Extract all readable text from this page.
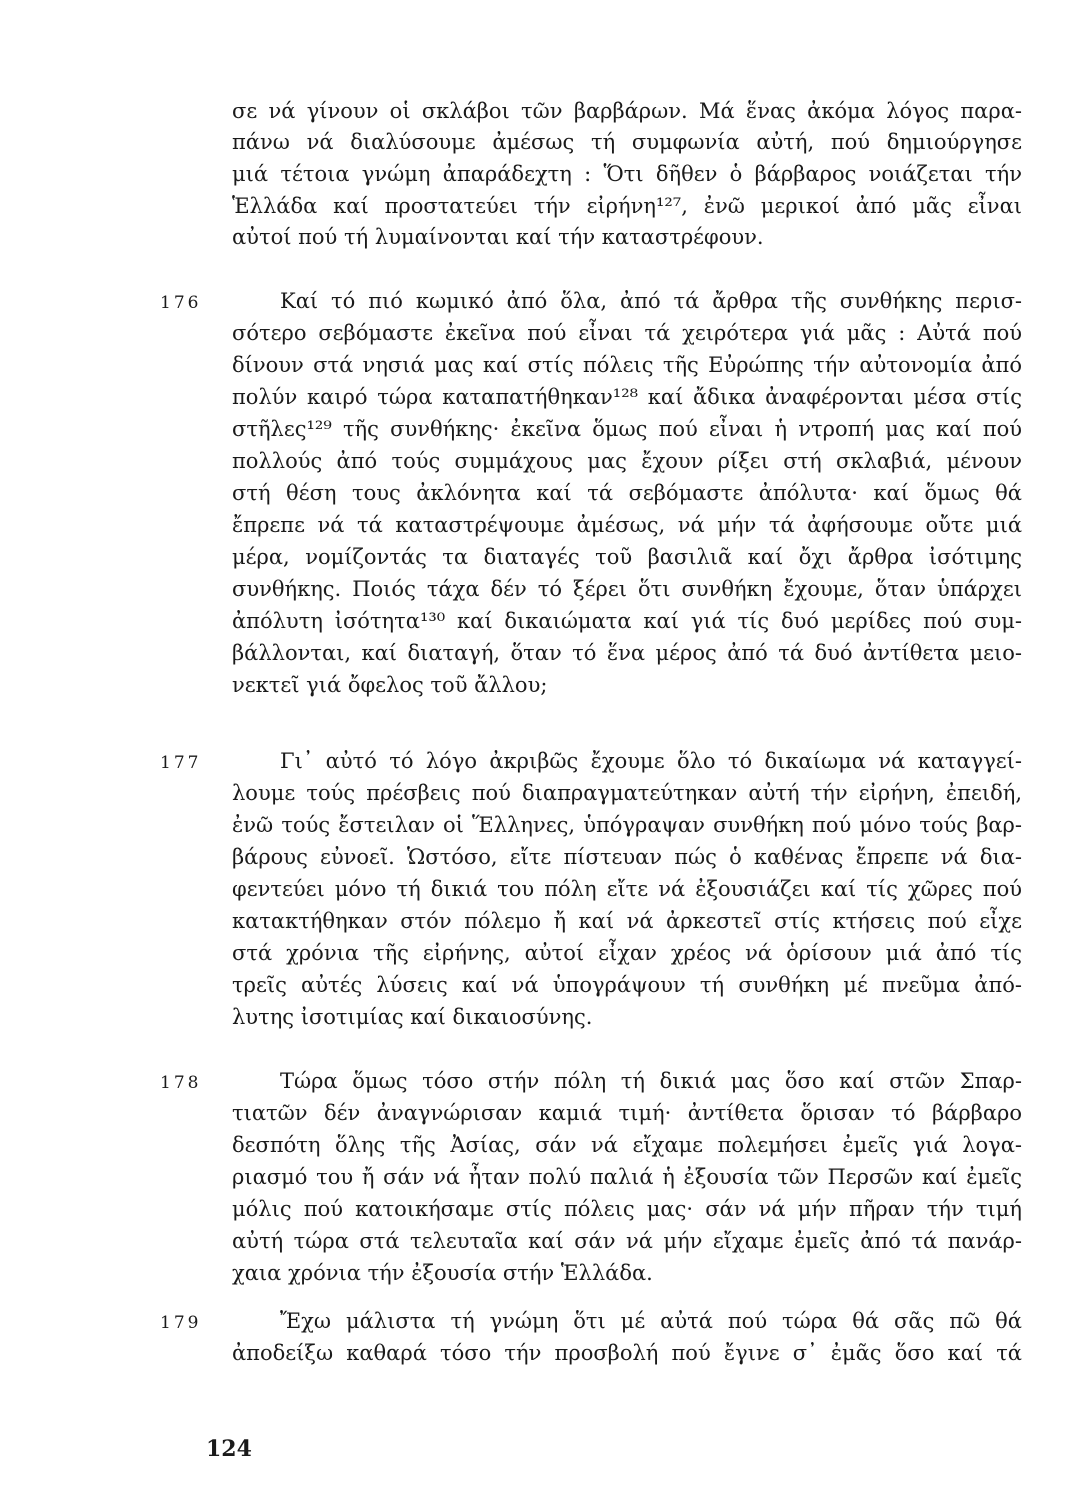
176
177
178
179
σε νά γίνουν οἱ σκλάβοι τῶν βαρβάρων. Μά ἕνας ἀκόμα λόγος παρα-
πάνω νά διαλύσουμε ἀμέσως τή συμφωνία αὐτή, πού δημιούργησε
μιά τέτοια γνώμη ἀπαράδεχτη : Ὅτι δῆθεν ὁ βάρβαρος νοιάζεται τήν
Ἑλλάδα καί προστατεύει τήν εἰρήνη¹²⁷, ἐνῶ μερικοί ἀπό μᾶς εἶναι
αὐτοί πού τή λυμαίνονται καί τήν καταστρέφουν.
Καί τό πιό κωμικό ἀπό ὅλα, ἀπό τά ἄρθρα τῆς συνθήκης περισ-
σότερο σεβόμαστε ἐκεῖνα πού εἶναι τά χειρότερα γιά μᾶς : Αὐτά πού
δίνουν στά νησιά μας καί στίς πόλεις τῆς Εὐρώπης τήν αὐτονομία ἀπό
πολύν καιρό τώρα καταπατήθηκαν¹²⁸ καί ἄδικα ἀναφέρονται μέσα στίς
στῆλες¹²⁹ τῆς συνθήκης· ἐκεῖνα ὅμως πού εἶναι ἡ ντροπή μας καί πού
πολλούς ἀπό τούς συμμάχους μας ἔχουν ρίξει στή σκλαβιά, μένουν
στή θέση τους ἀκλόνητα καί τά σεβόμαστε ἀπόλυτα· καί ὅμως θά
ἔπρεπε νά τά καταστρέψουμε ἀμέσως, νά μήν τά ἀφήσουμε οὔτε μιά
μέρα, νομίζοντάς τα διαταγές τοῦ βασιλιᾶ καί ὄχι ἄρθρα ἰσότιμης
συνθήκης. Ποιός τάχα δέν τό ξέρει ὅτι συνθήκη ἔχουμε, ὅταν ὑπάρχει
ἀπόλυτη ἰσότητα¹³⁰ καί δικαιώματα καί γιά τίς δυό μερίδες πού συμ-
βάλλονται, καί διαταγή, ὅταν τό ἕνα μέρος ἀπό τά δυό ἀντίθετα μειο-
νεκτεῖ γιά ὄφελος τοῦ ἄλλου;
Γι᾽ αὐτό τό λόγο ἀκριβῶς ἔχουμε ὅλο τό δικαίωμα νά καταγγεί-
λουμε τούς πρέσβεις πού διαπραγματεύτηκαν αὐτή τήν εἰρήνη, ἐπειδή,
ἐνῶ τούς ἔστειλαν οἱ Ἕλληνες, ὑπόγραψαν συνθήκη πού μόνο τούς βαρ-
βάρους εὐνοεῖ. Ὡστόσο, εἴτε πίστευαν πώς ὁ καθένας ἔπρεπε νά δια-
φεντεύει μόνο τή δικιά του πόλη εἴτε νά ἐξουσιάζει καί τίς χῶρες πού
κατακτήθηκαν στόν πόλεμο ἤ καί νά ἀρκεστεῖ στίς κτήσεις πού εἶχε
στά χρόνια τῆς εἰρήνης, αὐτοί εἶχαν χρέος νά ὁρίσουν μιά ἀπό τίς
τρεῖς αὐτές λύσεις καί νά ὑπογράψουν τή συνθήκη μέ πνεῦμα ἀπό-
λυτης ἰσοτιμίας καί δικαιοσύνης.
Τώρα ὅμως τόσο στήν πόλη τή δικιά μας ὅσο καί στῶν Σπαρ-
τιατῶν δέν ἀναγνώρισαν καμιά τιμή· ἀντίθετα ὅρισαν τό βάρβαρο
δεσπότη ὅλης τῆς Ἀσίας, σάν νά εἴχαμε πολεμήσει ἐμεῖς γιά λογα-
ριασμό του ἤ σάν νά ἦταν πολύ παλιά ἡ ἐξουσία τῶν Περσῶν καί ἐμεῖς
μόλις πού κατοικήσαμε στίς πόλεις μας· σάν νά μήν πῆραν τήν τιμή
αὐτή τώρα στά τελευταῖα καί σάν νά μήν εἴχαμε ἐμεῖς ἀπό τά πανάρ-
χαια χρόνια τήν ἐξουσία στήν Ἑλλάδα.
Ἔχω μάλιστα τή γνώμη ὅτι μέ αὐτά πού τώρα θά σᾶς πῶ θά
ἀποδείξω καθαρά τόσο τήν προσβολή πού ἔγινε σ᾽ ἐμᾶς ὅσο καί τά
124
